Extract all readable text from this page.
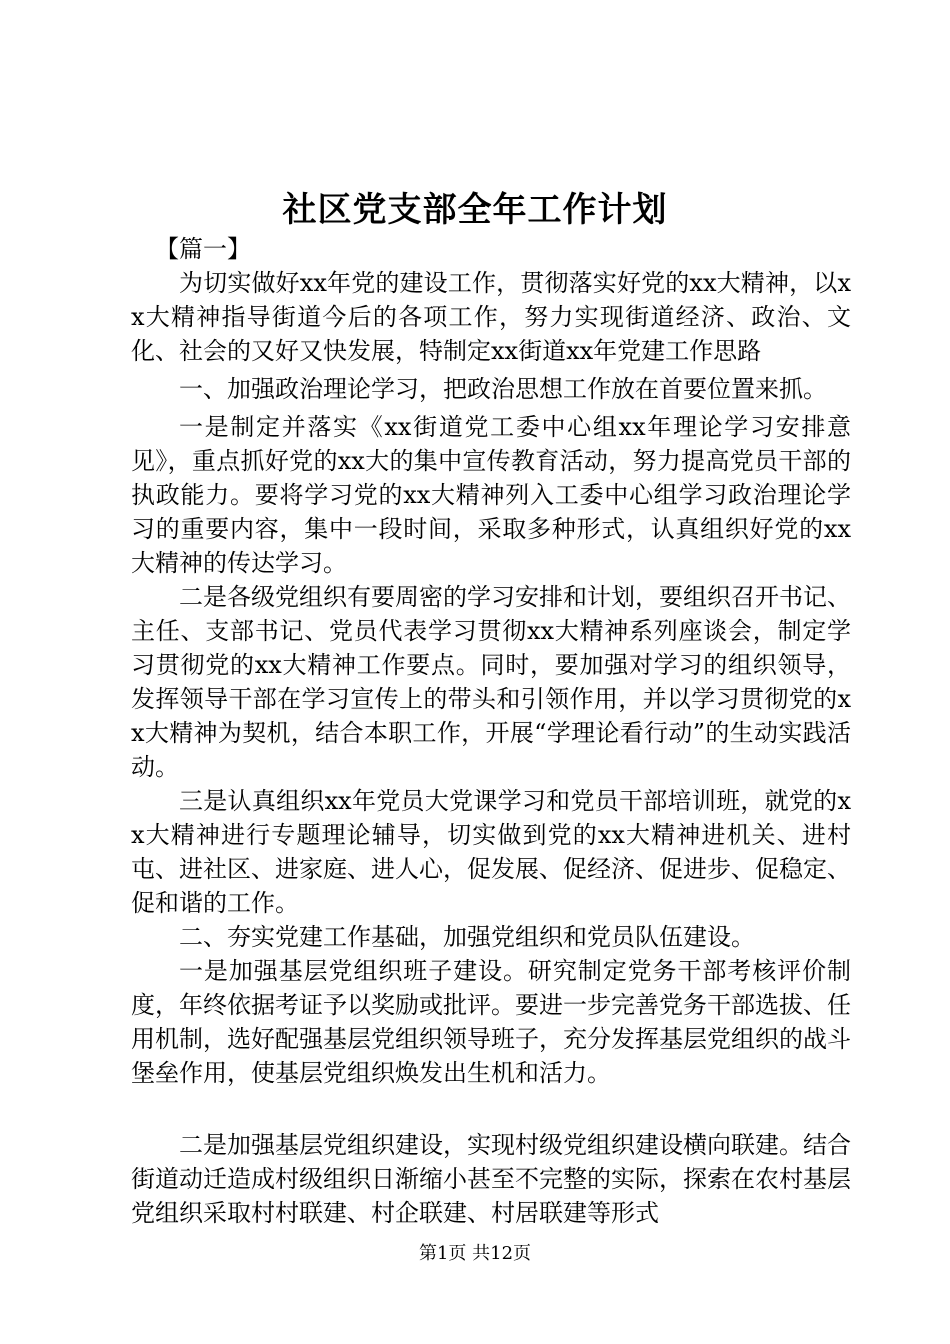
社区党支部全年工作计划

【篇一】

为切实做好xx年党的建设工作，贯彻落实好党的xx大精神，以xx大精神指导街道今后的各项工作，努力实现街道经济、政治、文化、社会的又好又快发展，特制定xx街道xx年党建工作思路

一、加强政治理论学习，把政治思想工作放在首要位置来抓。

一是制定并落实《xx街道党工委中心组xx年理论学习安排意见》，重点抓好党的xx大的集中宣传教育活动，努力提高党员干部的执政能力。要将学习党的xx大精神列入工委中心组学习政治理论学习的重要内容，集中一段时间，采取多种形式，认真组织好党的xx大精神的传达学习。

二是各级党组织有要周密的学习安排和计划，要组织召开书记、主任、支部书记、党员代表学习贯彻xx大精神系列座谈会，制定学习贯彻党的xx大精神工作要点。同时，要加强对学习的组织领导，发挥领导干部在学习宣传上的带头和引领作用，并以学习贯彻党的xx大精神为契机，结合本职工作，开展“学理论看行动”的生动实践活动。

三是认真组织xx年党员大党课学习和党员干部培训班，就党的xx大精神进行专题理论辅导，切实做到党的xx大精神进机关、进村屯、进社区、进家庭、进人心，促发展、促经济、促进步、促稳定、促和谐的工作。

二、夯实党建工作基础，加强党组织和党员队伍建设。

一是加强基层党组织班子建设。研究制定党务干部考核评价制度，年终依据考证予以奖励或批评。要进一步完善党务干部选拔、任用机制，选好配强基层党组织领导班子，充分发挥基层党组织的战斗堡垒作用，使基层党组织焕发出生机和活力。

二是加强基层党组织建设，实现村级党组织建设横向联建。结合街道动迁造成村级组织日渐缩小甚至不完整的实际，探索在农村基层党组织采取村村联建、村企联建、村居联建等形式

第1页 共12页
